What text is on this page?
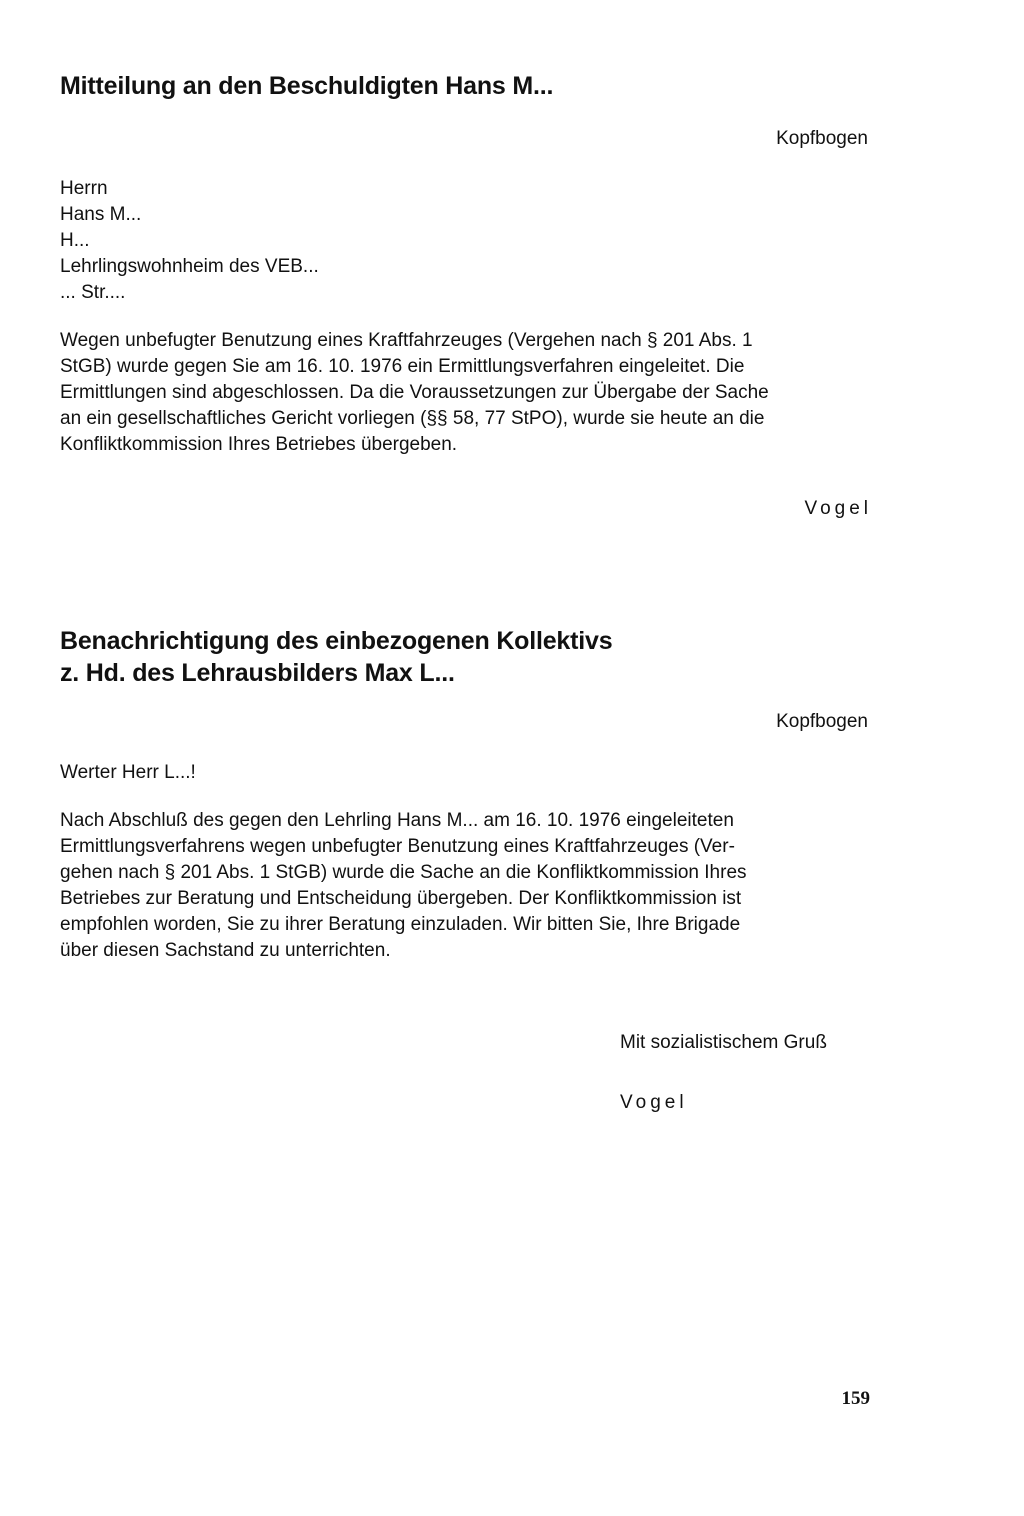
Mitteilung an den Beschuldigten Hans M...
Kopfbogen
Herrn
Hans M...
H...
Lehrlingswohnheim des VEB...
... Str....
Wegen unbefugter Benutzung eines Kraftfahrzeuges (Vergehen nach § 201 Abs. 1
StGB) wurde gegen Sie am 16. 10. 1976 ein Ermittlungsverfahren eingeleitet. Die
Ermittlungen sind abgeschlossen. Da die Voraussetzungen zur Übergabe der Sache
an ein gesellschaftliches Gericht vorliegen (§§ 58, 77 StPO), wurde sie heute an die
Konfliktkommission Ihres Betriebes übergeben.
Vogel
Benachrichtigung des einbezogenen Kollektivs
z. Hd. des Lehrausbilders Max L...
Kopfbogen
Werter Herr L...!
Nach Abschluß des gegen den Lehrling Hans M... am 16. 10. 1976 eingeleiteten
Ermittlungsverfahrens wegen unbefugter Benutzung eines Kraftfahrzeuges (Ver-
gehen nach § 201 Abs. 1 StGB) wurde die Sache an die Konfliktkommission Ihres
Betriebes zur Beratung und Entscheidung übergeben. Der Konfliktkommission ist
empfohlen worden, Sie zu ihrer Beratung einzuladen. Wir bitten Sie, Ihre Brigade
über diesen Sachstand zu unterrichten.
Mit sozialistischem Gruß
Vogel
159
